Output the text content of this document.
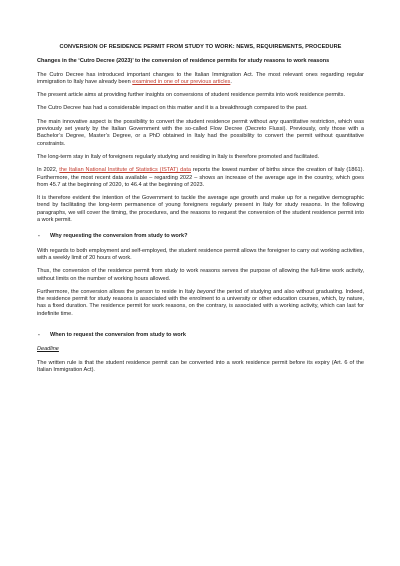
CONVERSION OF RESIDENCE PERMIT FROM STUDY TO WORK: NEWS, REQUIREMENTS, PROCEDURE
Changes in the ‘Cutro Decree (2023)’ to the conversion of residence permits for study reasons to work reasons

The Cutro Decree has introduced important changes to the Italian Immigration Act. The most relevant ones regarding regular immigration to Italy have already been examined in one of our previous articles.

The present article aims at providing further insights on conversions of student residence permits into work residence permits.

The Cutro Decree has had a considerable impact on this matter and it is a breakthrough compared to the past.

The main innovative aspect is the possibility to convert the student residence permit without any quantitative restriction, which was previously set yearly by the Italian Government with the so-called Flow Decree (Decreto Flussi). Previously, only those with a Bachelor’s Degree, Master’s Degree, or a PhD obtained in Italy had the possibility to convert the permit without quantitative constraints.

The long-term stay in Italy of foreigners regularly studying and residing in Italy is therefore promoted and facilitated.

In 2022, the Italian National Institute of Statistics (ISTAT) data reports the lowest number of births since the creation of Italy (1861). Furthermore, the most recent data available – regarding 2022 – shows an increase of the average age in the country, which goes from 45.7 at the beginning of 2020, to 46.4 at the beginning of 2023.

It is therefore evident the intention of the Government to tackle the average age growth and make up for a negative demographic trend by facilitating the long-term permanence of young foreigners regularly present in Italy for study reasons. In the following paragraphs, we will cover the timing, the procedures, and the reasons to request the conversion of the student residence permit into a work permit.

-	Why requesting the conversion from study to work?

With regards to both employment and self-employed, the student residence permit allows the foreigner to carry out working activities, with a weekly limit of 20 hours of work.

Thus, the conversion of the residence permit from study to work reasons serves the purpose of allowing the full-time work activity, without limits on the number of working hours allowed.

Furthermore, the conversion allows the person to reside in Italy beyond the period of studying and also without graduating. Indeed, the residence permit for study reasons is associated with the enrolment to a university or other education courses, which, by nature, has a fixed duration. The residence permit for work reasons, on the contrary, is associated with a working activity, which can last for indefinite time.

-	When to request the conversion from study to work
Deadline

The written rule is that the student residence permit can be converted into a work residence permit before its expiry (Art. 6 of the Italian Immigration Act).
